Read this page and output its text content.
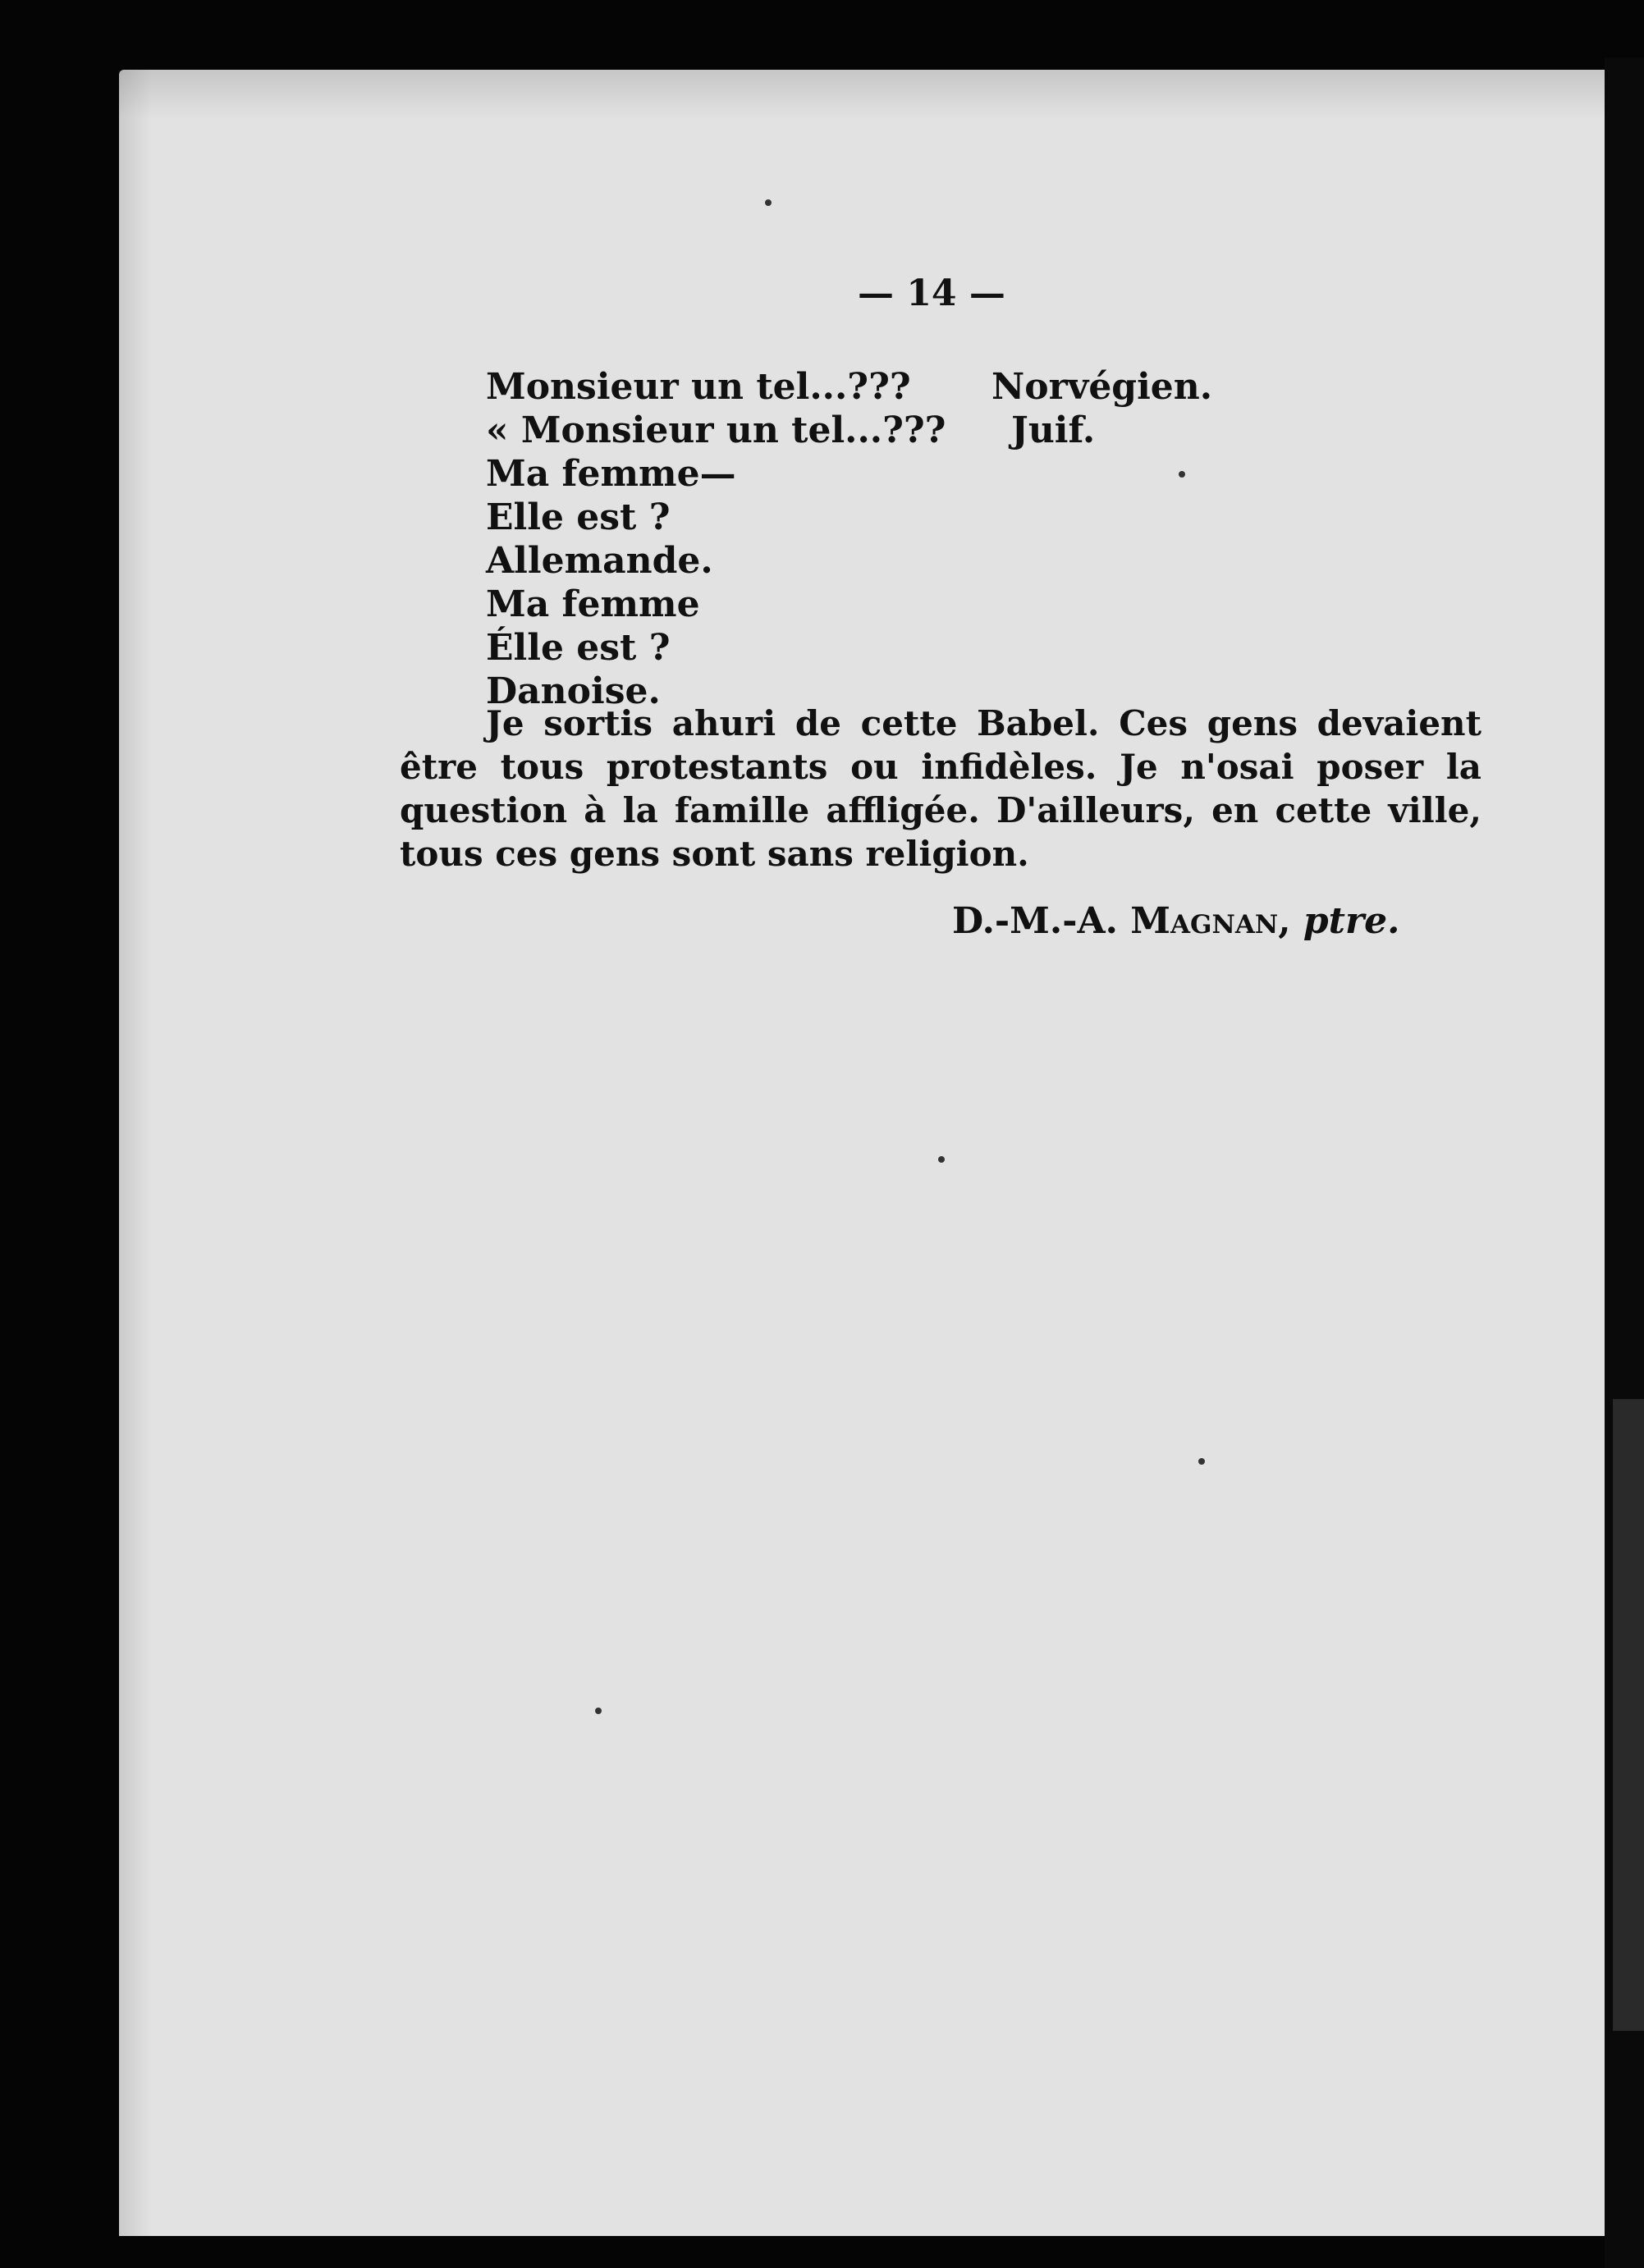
— 14 —
Monsieur un tel...??? Norvégien.
« Monsieur un tel...??? Juif.
Ma femme—
Elle est ?
Allemande.
Ma femme
Élle est ?
Danoise.
Je sortis ahuri de cette Babel. Ces gens devaient être tous protestants ou infidèles. Je n'osai poser la question à la famille affligée. D'ailleurs, en cette ville, tous ces gens sont sans religion.
D.-M.-A. Magnan, ptre.
